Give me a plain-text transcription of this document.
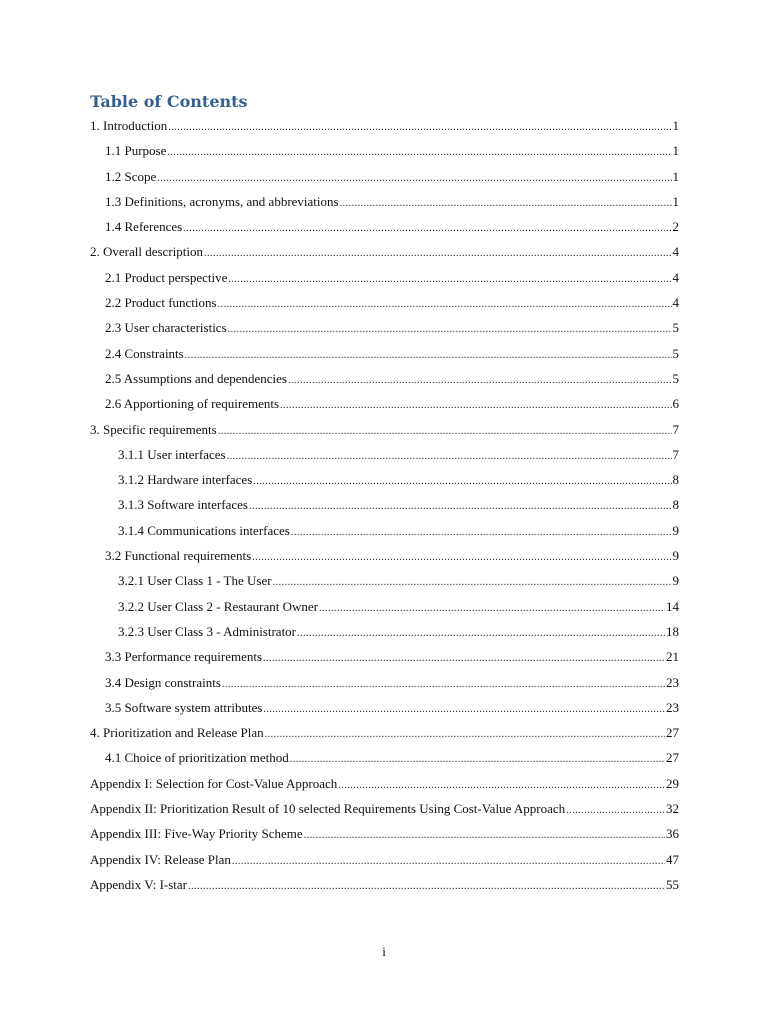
Table of Contents
1. Introduction .....	1
1.1 Purpose .....	1
1.2 Scope .....	1
1.3 Definitions, acronyms, and abbreviations .....	1
1.4 References .....	2
2. Overall description .....	4
2.1 Product perspective .....	4
2.2 Product functions .....	4
2.3 User characteristics .....	5
2.4 Constraints .....	5
2.5 Assumptions and dependencies .....	5
2.6 Apportioning of requirements .....	6
3. Specific requirements .....	7
3.1.1 User interfaces .....	7
3.1.2 Hardware interfaces .....	8
3.1.3 Software interfaces .....	8
3.1.4 Communications interfaces .....	9
3.2 Functional requirements .....	9
3.2.1 User Class 1 - The User .....	9
3.2.2 User Class 2 - Restaurant Owner .....	14
3.2.3 User Class 3 - Administrator .....	18
3.3 Performance requirements .....	21
3.4 Design constraints .....	23
3.5 Software system attributes .....	23
4. Prioritization and Release Plan .....	27
4.1 Choice of prioritization method .....	27
Appendix I: Selection for Cost-Value Approach .....	29
Appendix II: Prioritization Result of 10 selected Requirements Using Cost-Value Approach .....	32
Appendix III: Five-Way Priority Scheme .....	36
Appendix IV: Release Plan .....	47
Appendix V: I-star .....	55
i
